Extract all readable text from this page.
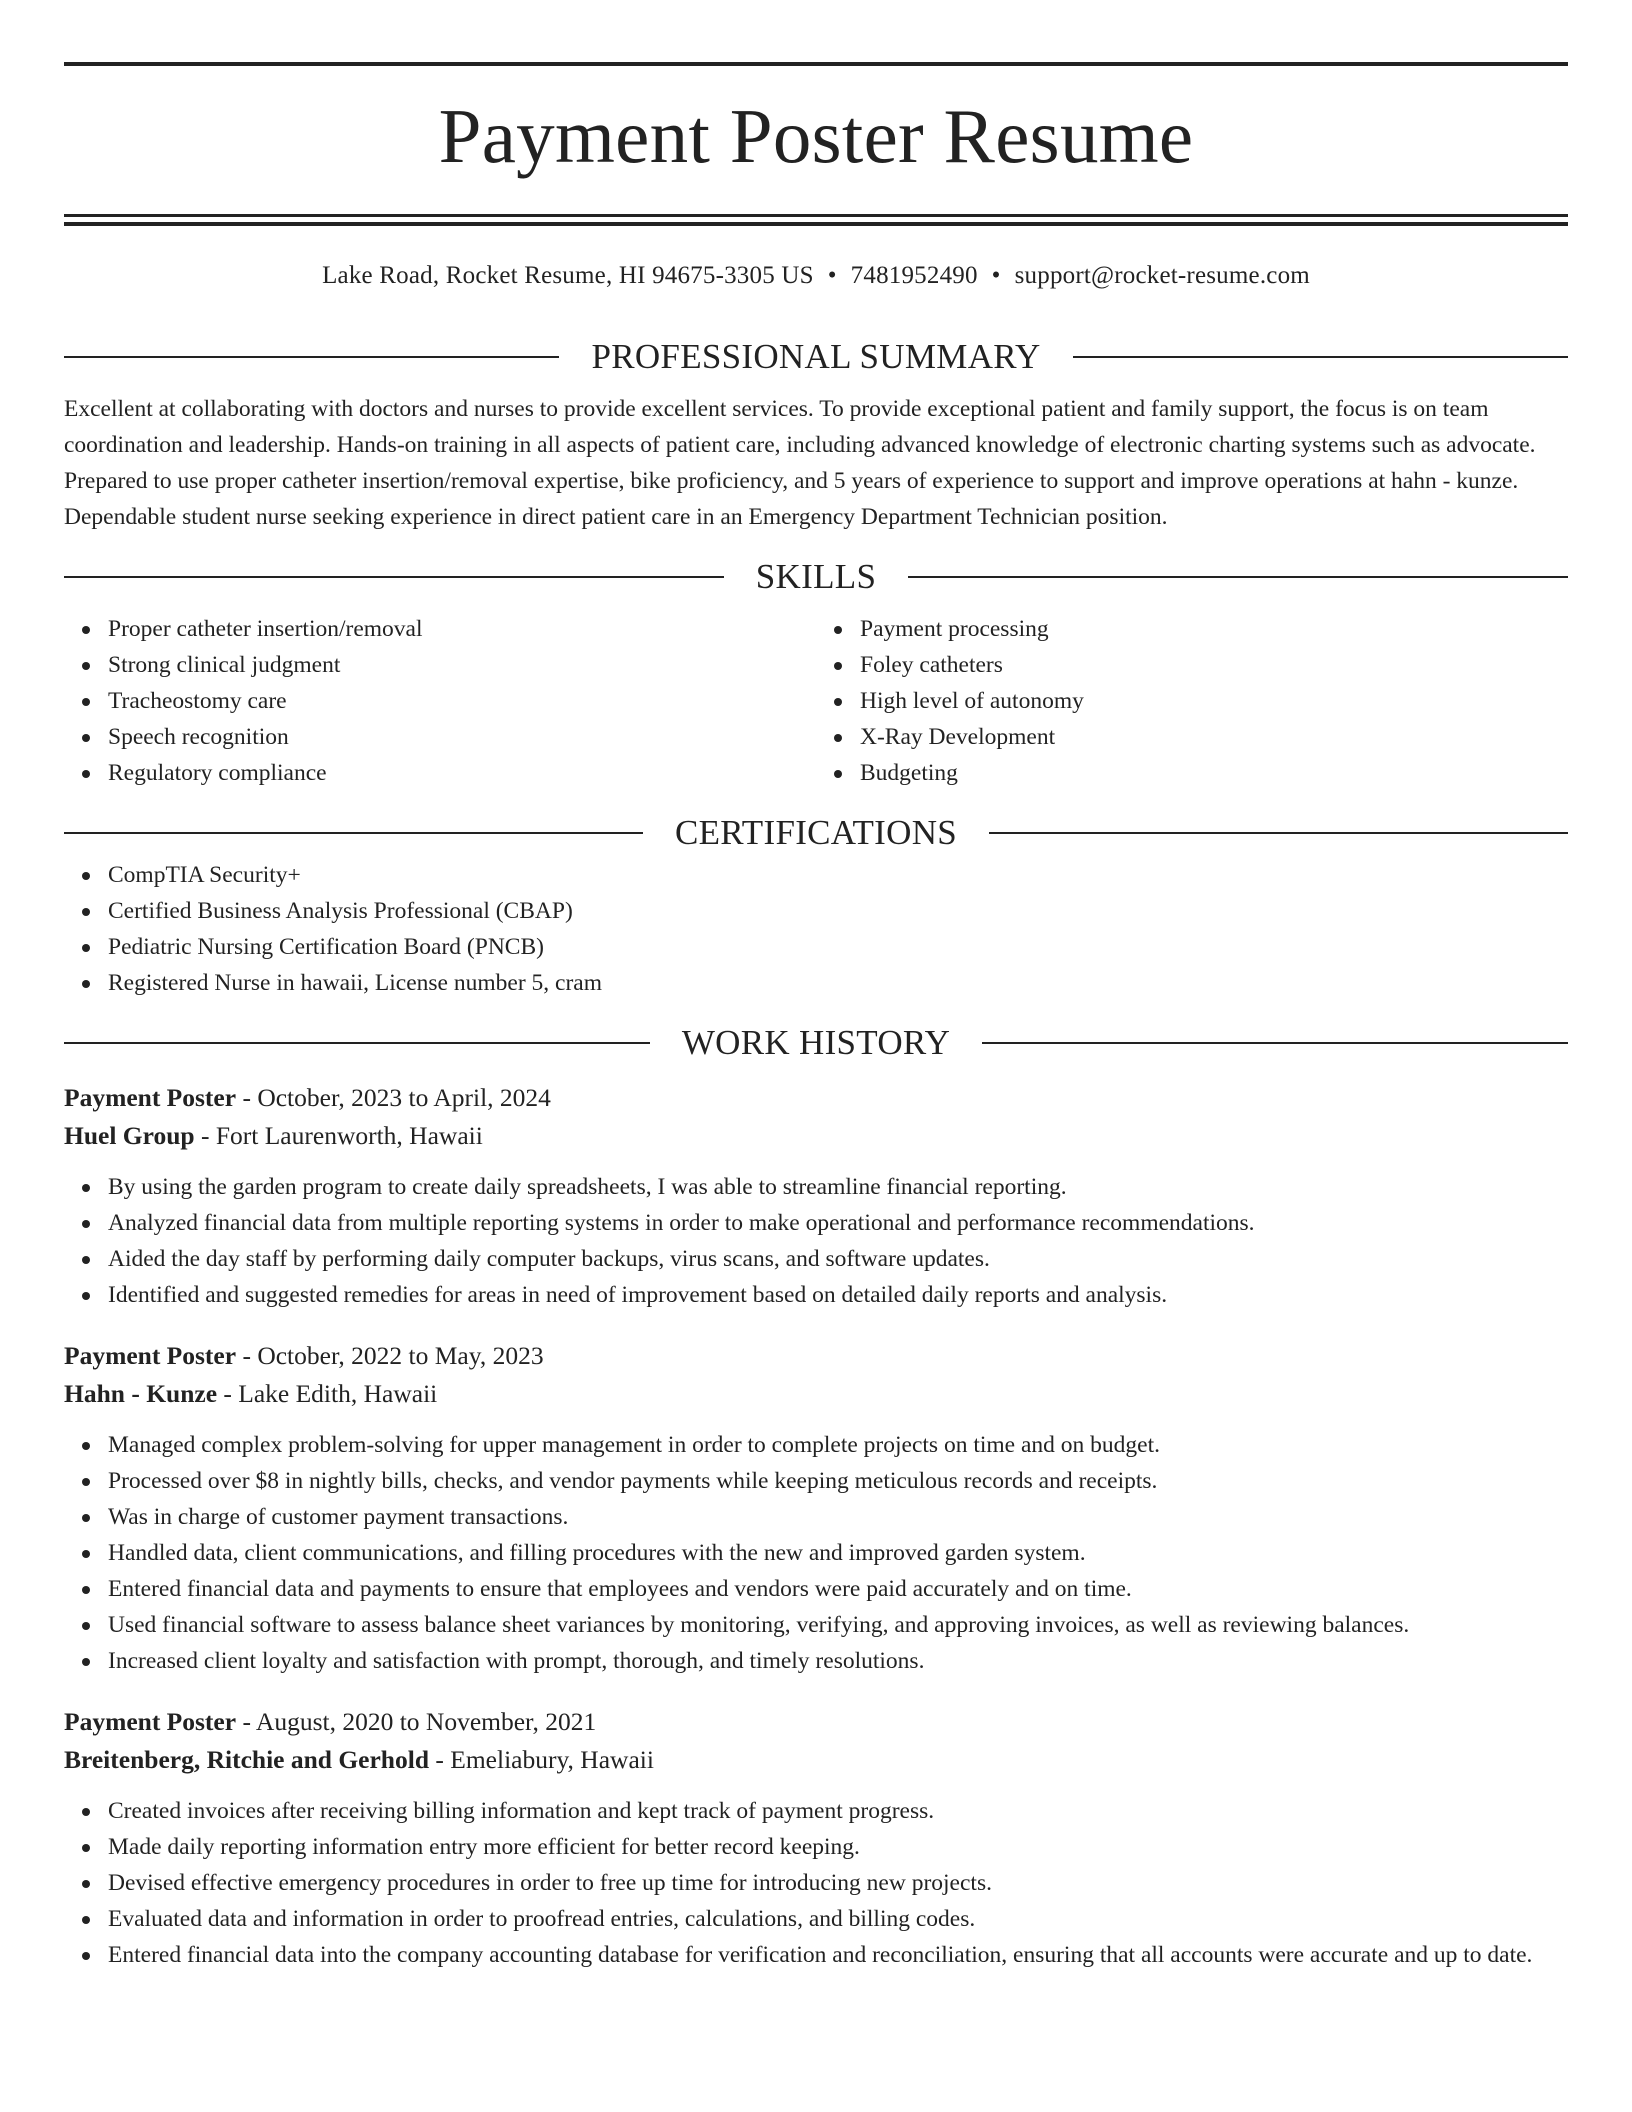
Payment Poster Resume
Lake Road, Rocket Resume, HI 94675-3305 US • 7481952490 • support@rocket-resume.com
PROFESSIONAL SUMMARY

Excellent at collaborating with doctors and nurses to provide excellent services. To provide exceptional patient and family support, the focus is on team coordination and leadership. Hands-on training in all aspects of patient care, including advanced knowledge of electronic charting systems such as advocate. Prepared to use proper catheter insertion/removal expertise, bike proficiency, and 5 years of experience to support and improve operations at hahn - kunze. Dependable student nurse seeking experience in direct patient care in an Emergency Department Technician position.

SKILLS
Proper catheter insertion/removal
Strong clinical judgment
Tracheostomy care
Speech recognition
Regulatory compliance
Payment processing
Foley catheters
High level of autonomy
X-Ray Development
Budgeting
CERTIFICATIONS
CompTIA Security+
Certified Business Analysis Professional (CBAP)
Pediatric Nursing Certification Board (PNCB)
Registered Nurse in hawaii, License number 5, cram
WORK HISTORY
Payment Poster - October, 2023 to April, 2024
Huel Group - Fort Laurenworth, Hawaii
By using the garden program to create daily spreadsheets, I was able to streamline financial reporting.
Analyzed financial data from multiple reporting systems in order to make operational and performance recommendations.
Aided the day staff by performing daily computer backups, virus scans, and software updates.
Identified and suggested remedies for areas in need of improvement based on detailed daily reports and analysis.
Payment Poster - October, 2022 to May, 2023
Hahn - Kunze - Lake Edith, Hawaii
Managed complex problem-solving for upper management in order to complete projects on time and on budget.
Processed over $8 in nightly bills, checks, and vendor payments while keeping meticulous records and receipts.
Was in charge of customer payment transactions.
Handled data, client communications, and filling procedures with the new and improved garden system.
Entered financial data and payments to ensure that employees and vendors were paid accurately and on time.
Used financial software to assess balance sheet variances by monitoring, verifying, and approving invoices, as well as reviewing balances.
Increased client loyalty and satisfaction with prompt, thorough, and timely resolutions.
Payment Poster - August, 2020 to November, 2021
Breitenberg, Ritchie and Gerhold - Emeliabury, Hawaii
Created invoices after receiving billing information and kept track of payment progress.
Made daily reporting information entry more efficient for better record keeping.
Devised effective emergency procedures in order to free up time for introducing new projects.
Evaluated data and information in order to proofread entries, calculations, and billing codes.
Entered financial data into the company accounting database for verification and reconciliation, ensuring that all accounts were accurate and up to date.
